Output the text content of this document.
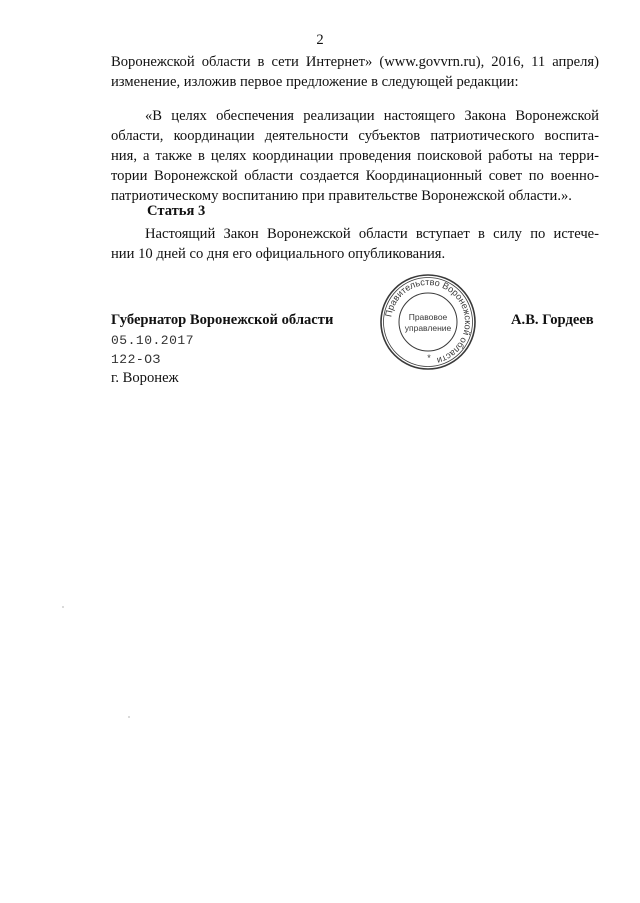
2
Воронежской области в сети Интернет» (www.govvrn.ru), 2016, 11 апреля)
изменение, изложив первое предложение в следующей редакции:
«В целях обеспечения реализации настоящего Закона Воронежской
области, координации деятельности субъектов патриотического воспита-
ния, а также в целях координации проведения поисковой работы на терри-
тории Воронежской области создается Координационный совет по военно-
патриотическому воспитанию при правительстве Воронежской области.».
Статья 3
Настоящий Закон Воронежской области вступает в силу по истече-
нии 10 дней со дня его официального опубликования.
Губернатор Воронежской области	А.В. Гордеев
05.10.2017
122-ОЗ
г. Воронеж
Правительство Воронежской области
Правовое
управление
*
